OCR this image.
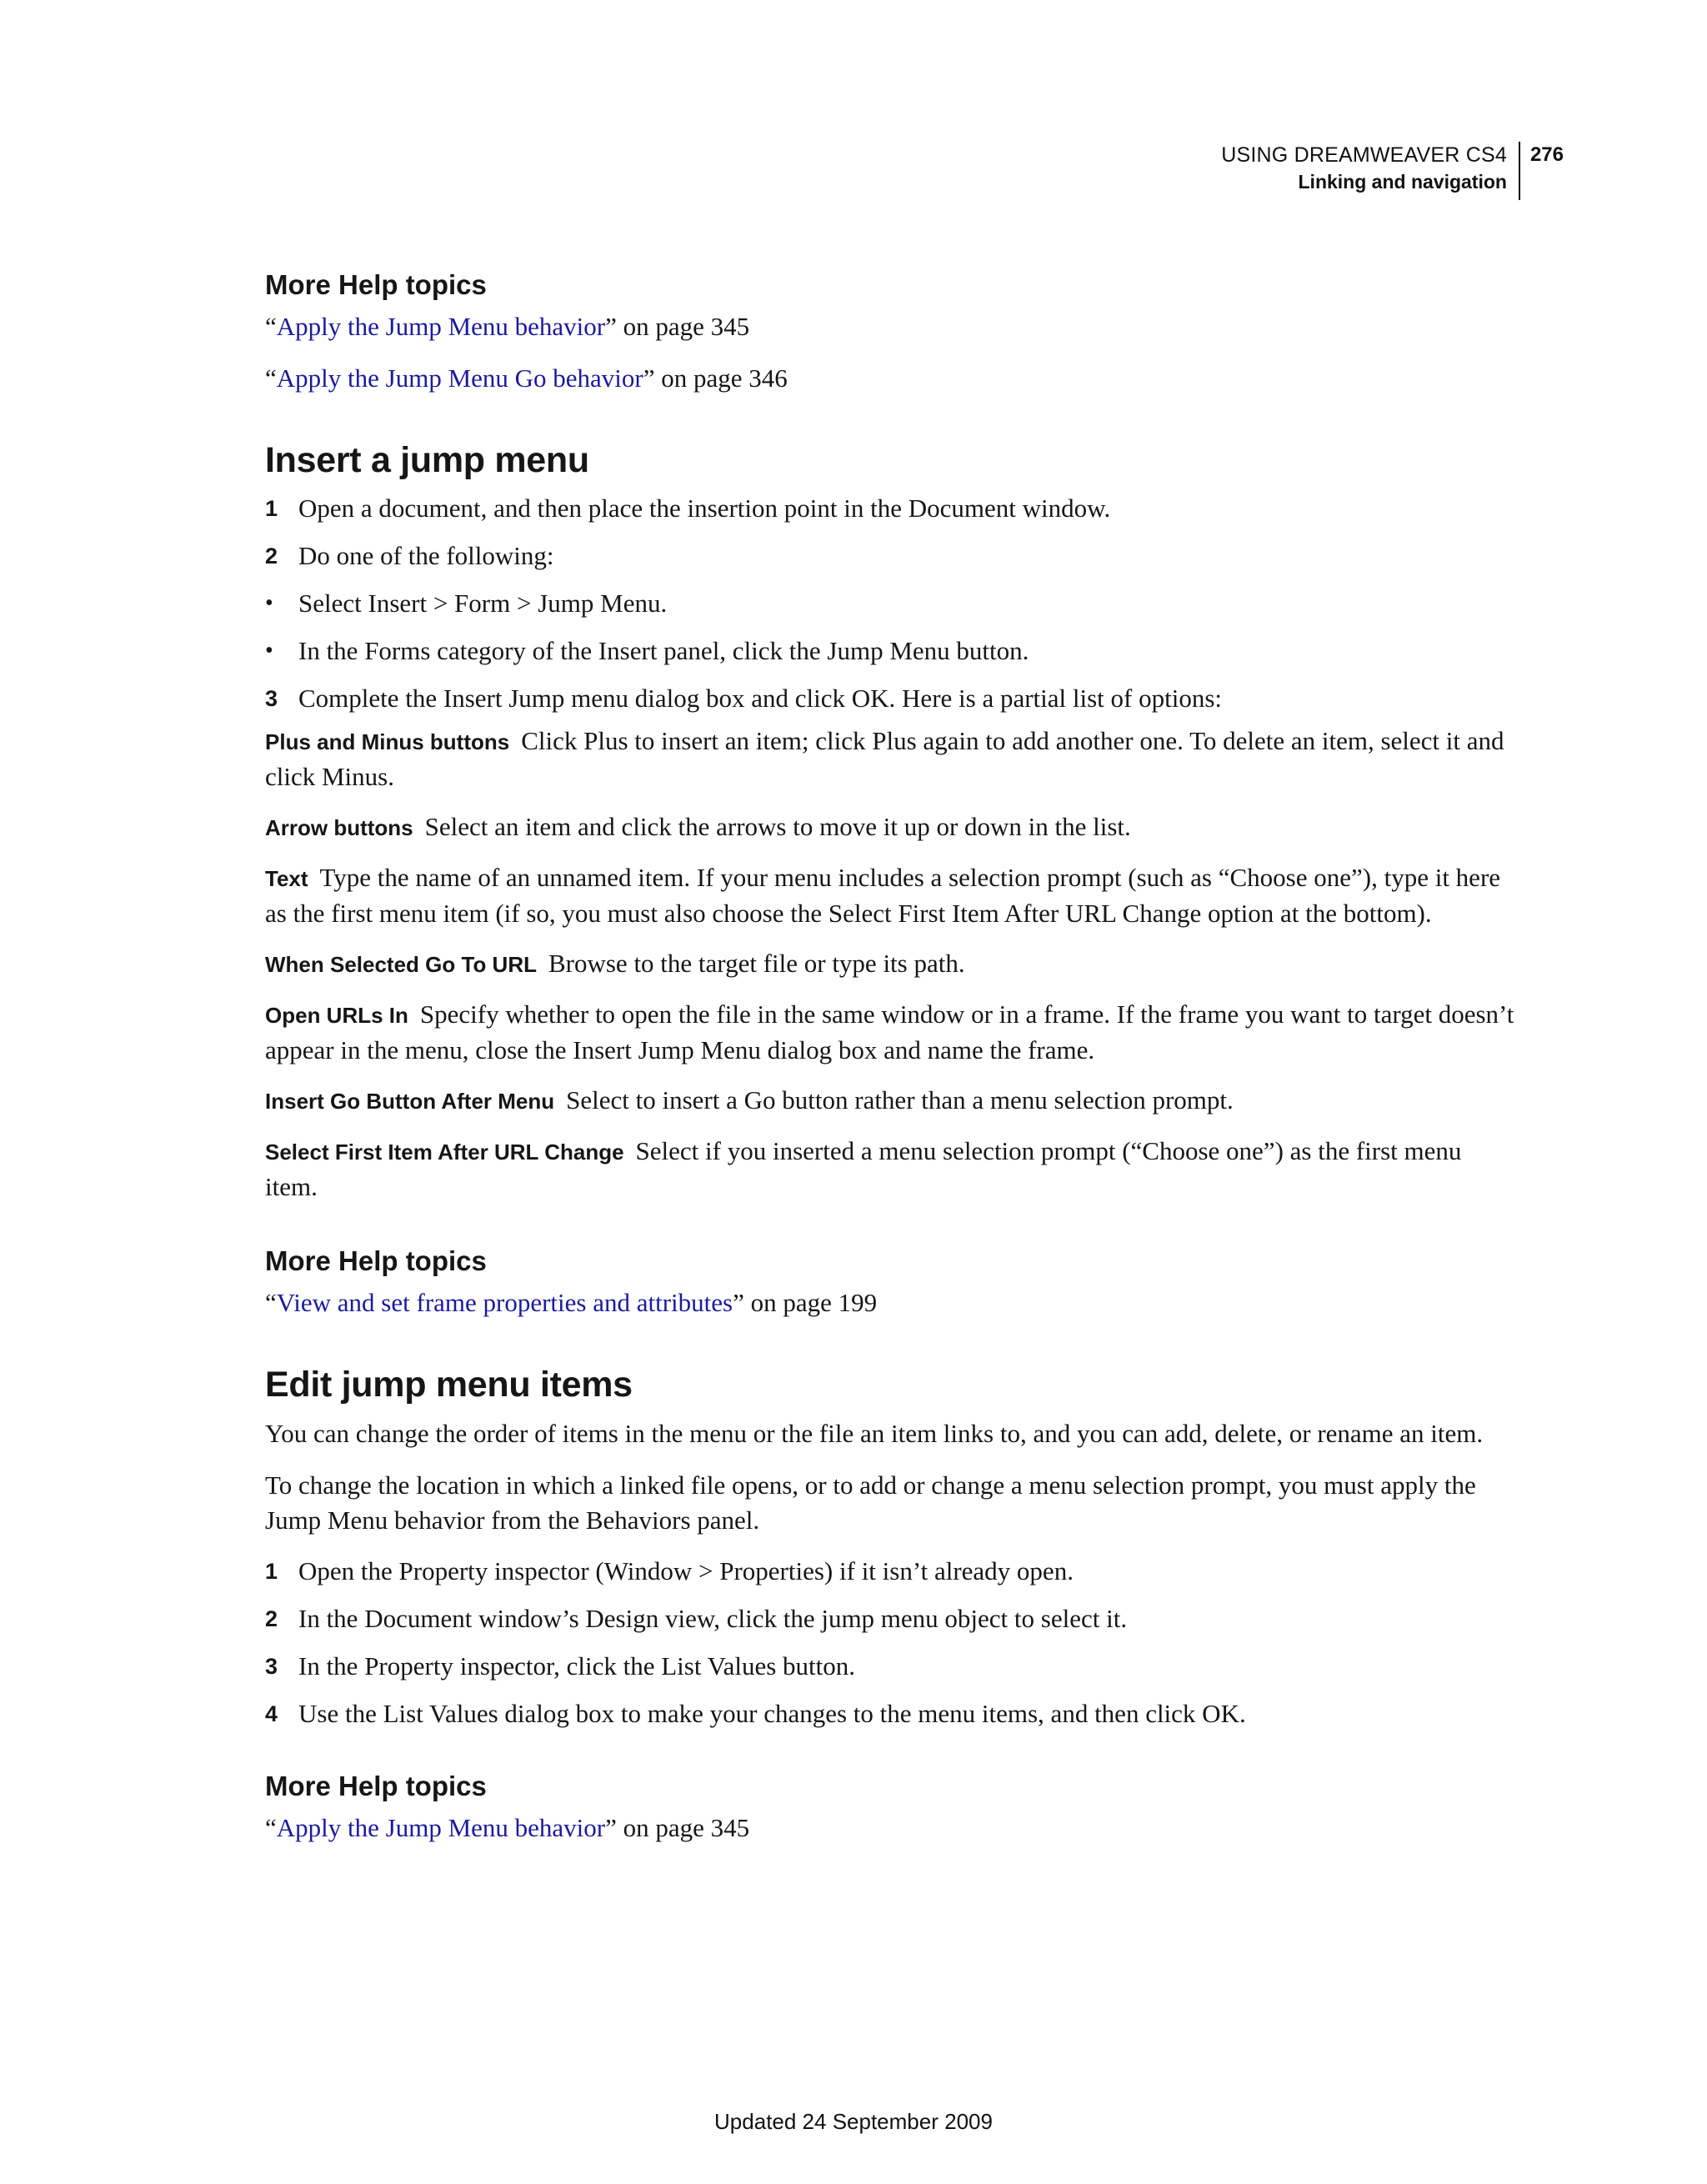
USING DREAMWEAVER CS4
Linking and navigation
276
More Help topics
“Apply the Jump Menu behavior” on page 345
“Apply the Jump Menu Go behavior” on page 346
Insert a jump menu
1 Open a document, and then place the insertion point in the Document window.
2 Do one of the following:
• Select Insert > Form > Jump Menu.
• In the Forms category of the Insert panel, click the Jump Menu button.
3 Complete the Insert Jump menu dialog box and click OK. Here is a partial list of options:
Plus and Minus buttons Click Plus to insert an item; click Plus again to add another one. To delete an item, select it and click Minus.
Arrow buttons Select an item and click the arrows to move it up or down in the list.
Text Type the name of an unnamed item. If your menu includes a selection prompt (such as “Choose one”), type it here as the first menu item (if so, you must also choose the Select First Item After URL Change option at the bottom).
When Selected Go To URL Browse to the target file or type its path.
Open URLs In Specify whether to open the file in the same window or in a frame. If the frame you want to target doesn’t appear in the menu, close the Insert Jump Menu dialog box and name the frame.
Insert Go Button After Menu Select to insert a Go button rather than a menu selection prompt.
Select First Item After URL Change Select if you inserted a menu selection prompt (“Choose one”) as the first menu item.
More Help topics
“View and set frame properties and attributes” on page 199
Edit jump menu items
You can change the order of items in the menu or the file an item links to, and you can add, delete, or rename an item.
To change the location in which a linked file opens, or to add or change a menu selection prompt, you must apply the Jump Menu behavior from the Behaviors panel.
1 Open the Property inspector (Window > Properties) if it isn’t already open.
2 In the Document window’s Design view, click the jump menu object to select it.
3 In the Property inspector, click the List Values button.
4 Use the List Values dialog box to make your changes to the menu items, and then click OK.
More Help topics
“Apply the Jump Menu behavior” on page 345
Updated 24 September 2009
